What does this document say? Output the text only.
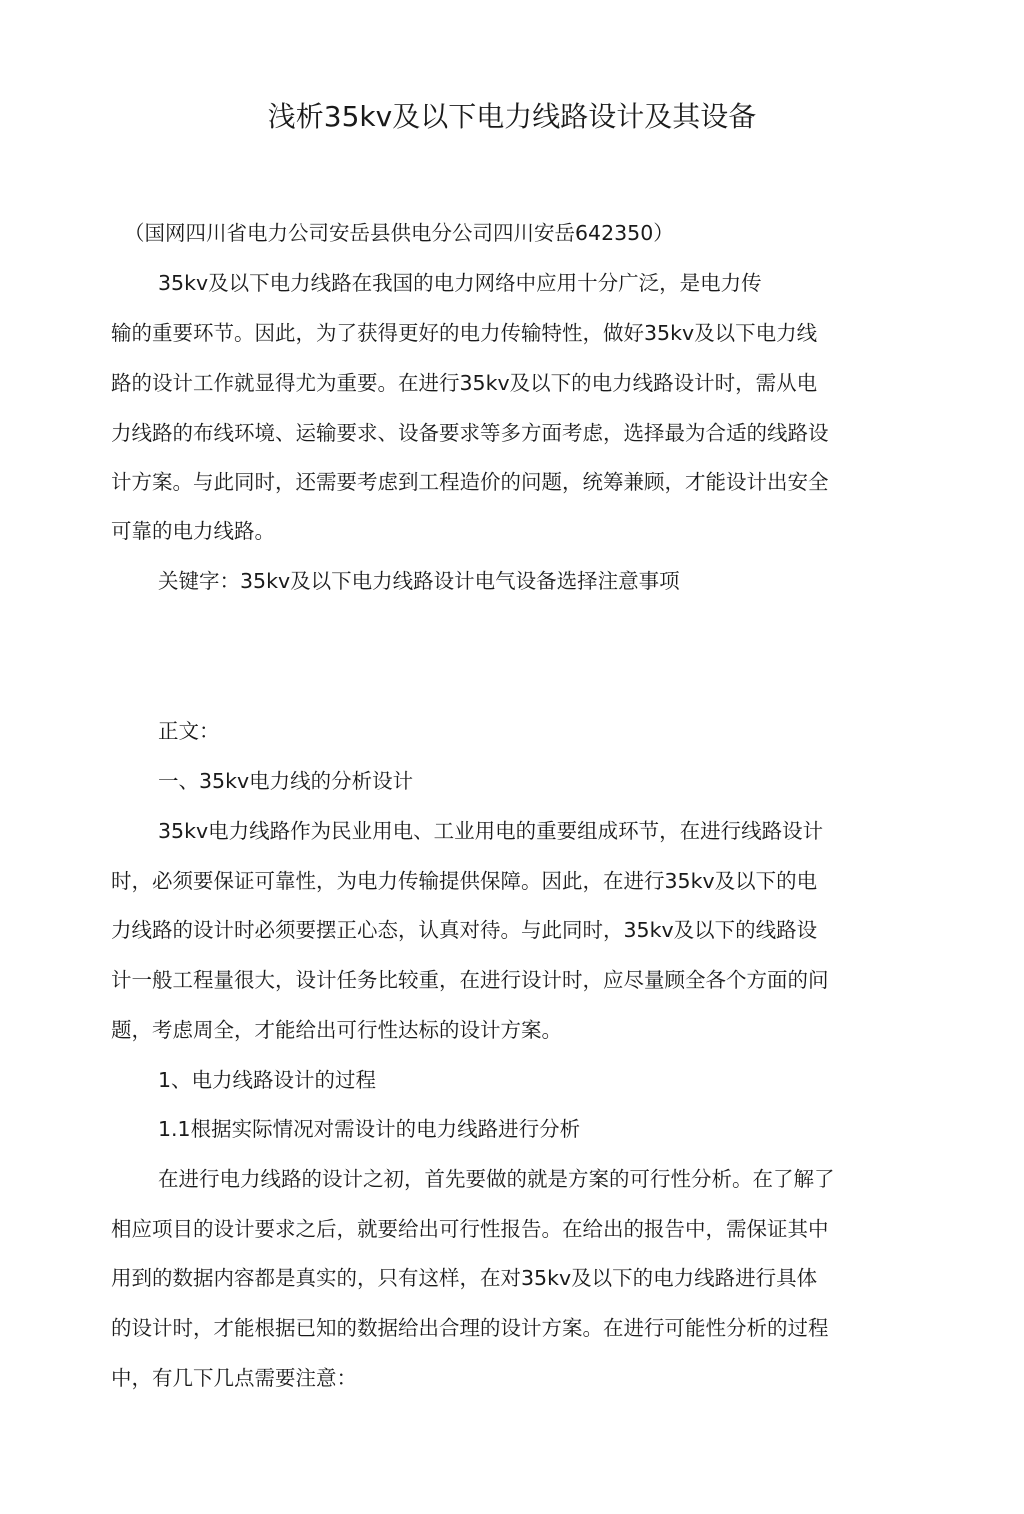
浅析35kv及以下电力线路设计及其设备
（国网四川省电力公司安岳县供电分公司四川安岳642350）
35kv及以下电力线路在我国的电力网络中应用十分广泛，是电力传
输的重要环节。因此，为了获得更好的电力传输特性，做好35kv及以下电力线
路的设计工作就显得尤为重要。在进行35kv及以下的电力线路设计时，需从电
力线路的布线环境、运输要求、设备要求等多方面考虑，选择最为合适的线路设
计方案。与此同时，还需要考虑到工程造价的问题，统筹兼顾，才能设计出安全
可靠的电力线路。
关键字：35kv及以下电力线路设计电气设备选择注意事项
正文：
一、35kv电力线的分析设计
35kv电力线路作为民业用电、工业用电的重要组成环节，在进行线路设计
时，必须要保证可靠性，为电力传输提供保障。因此，在进行35kv及以下的电
力线路的设计时必须要摆正心态，认真对待。与此同时，35kv及以下的线路设
计一般工程量很大，设计任务比较重，在进行设计时，应尽量顾全各个方面的问
题，考虑周全，才能给出可行性达标的设计方案。
1、电力线路设计的过程
1.1根据实际情况对需设计的电力线路进行分析
在进行电力线路的设计之初，首先要做的就是方案的可行性分析。在了解了
相应项目的设计要求之后，就要给出可行性报告。在给出的报告中，需保证其中
用到的数据内容都是真实的，只有这样，在对35kv及以下的电力线路进行具体
的设计时，才能根据已知的数据给出合理的设计方案。在进行可能性分析的过程
中，有几下几点需要注意：
